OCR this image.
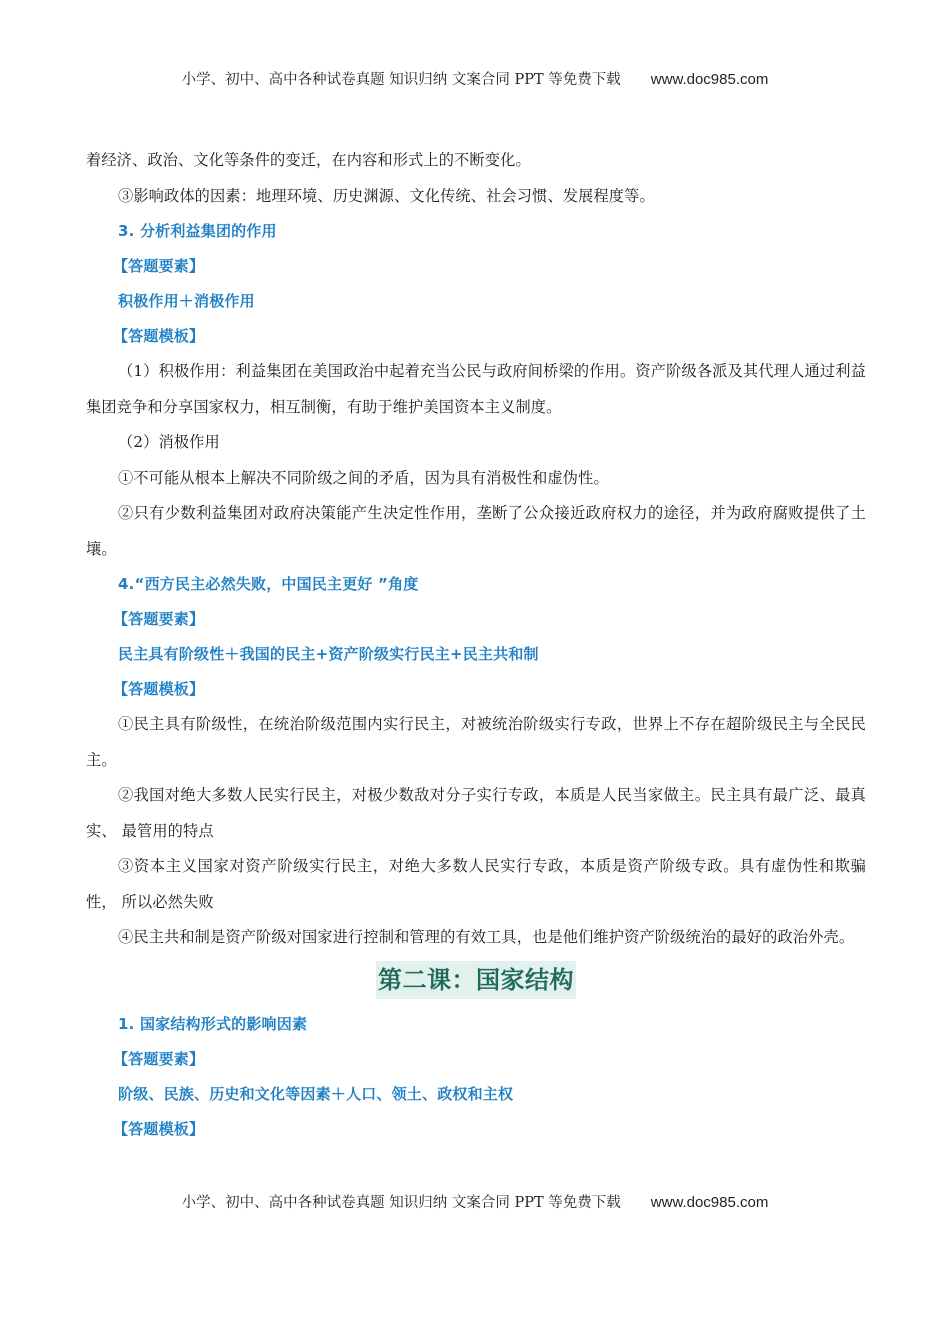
小学、初中、高中各种试卷真题 知识归纳 文案合同 PPT 等免费下载 www.doc985.com
着经济、政治、文化等条件的变迁，在内容和形式上的不断变化。
③影响政体的因素：地理环境、历史渊源、文化传统、社会习惯、发展程度等。
3. 分析利益集团的作用
【答题要素】
积极作用＋消极作用
【答题模板】
（1）积极作用：利益集团在美国政治中起着充当公民与政府间桥梁的作用。资产阶级各派及其代理人通过利益集团竞争和分享国家权力，相互制衡，有助于维护美国资本主义制度。
（2）消极作用
①不可能从根本上解决不同阶级之间的矛盾，因为具有消极性和虚伪性。
②只有少数利益集团对政府决策能产生决定性作用，垄断了公众接近政府权力的途径，并为政府腐败提供了土壤。
4.“西方民主必然失败，中国民主更好 ”角度
【答题要素】
民主具有阶级性＋我国的民主+资产阶级实行民主+民主共和制
【答题模板】
①民主具有阶级性，在统治阶级范围内实行民主，对被统治阶级实行专政，世界上不存在超阶级民主与全民民主。
②我国对绝大多数人民实行民主，对极少数敌对分子实行专政，本质是人民当家做主。民主具有最广泛、最真实、 最管用的特点
③资本主义国家对资产阶级实行民主，对绝大多数人民实行专政，本质是资产阶级专政。具有虚伪性和欺骗性， 所以必然失败
④民主共和制是资产阶级对国家进行控制和管理的有效工具，也是他们维护资产阶级统治的最好的政治外壳。
第二课：国家结构
1. 国家结构形式的影响因素
【答题要素】
阶级、民族、历史和文化等因素＋人口、领土、政权和主权
【答题模板】
小学、初中、高中各种试卷真题 知识归纳 文案合同 PPT 等免费下载 www.doc985.com
